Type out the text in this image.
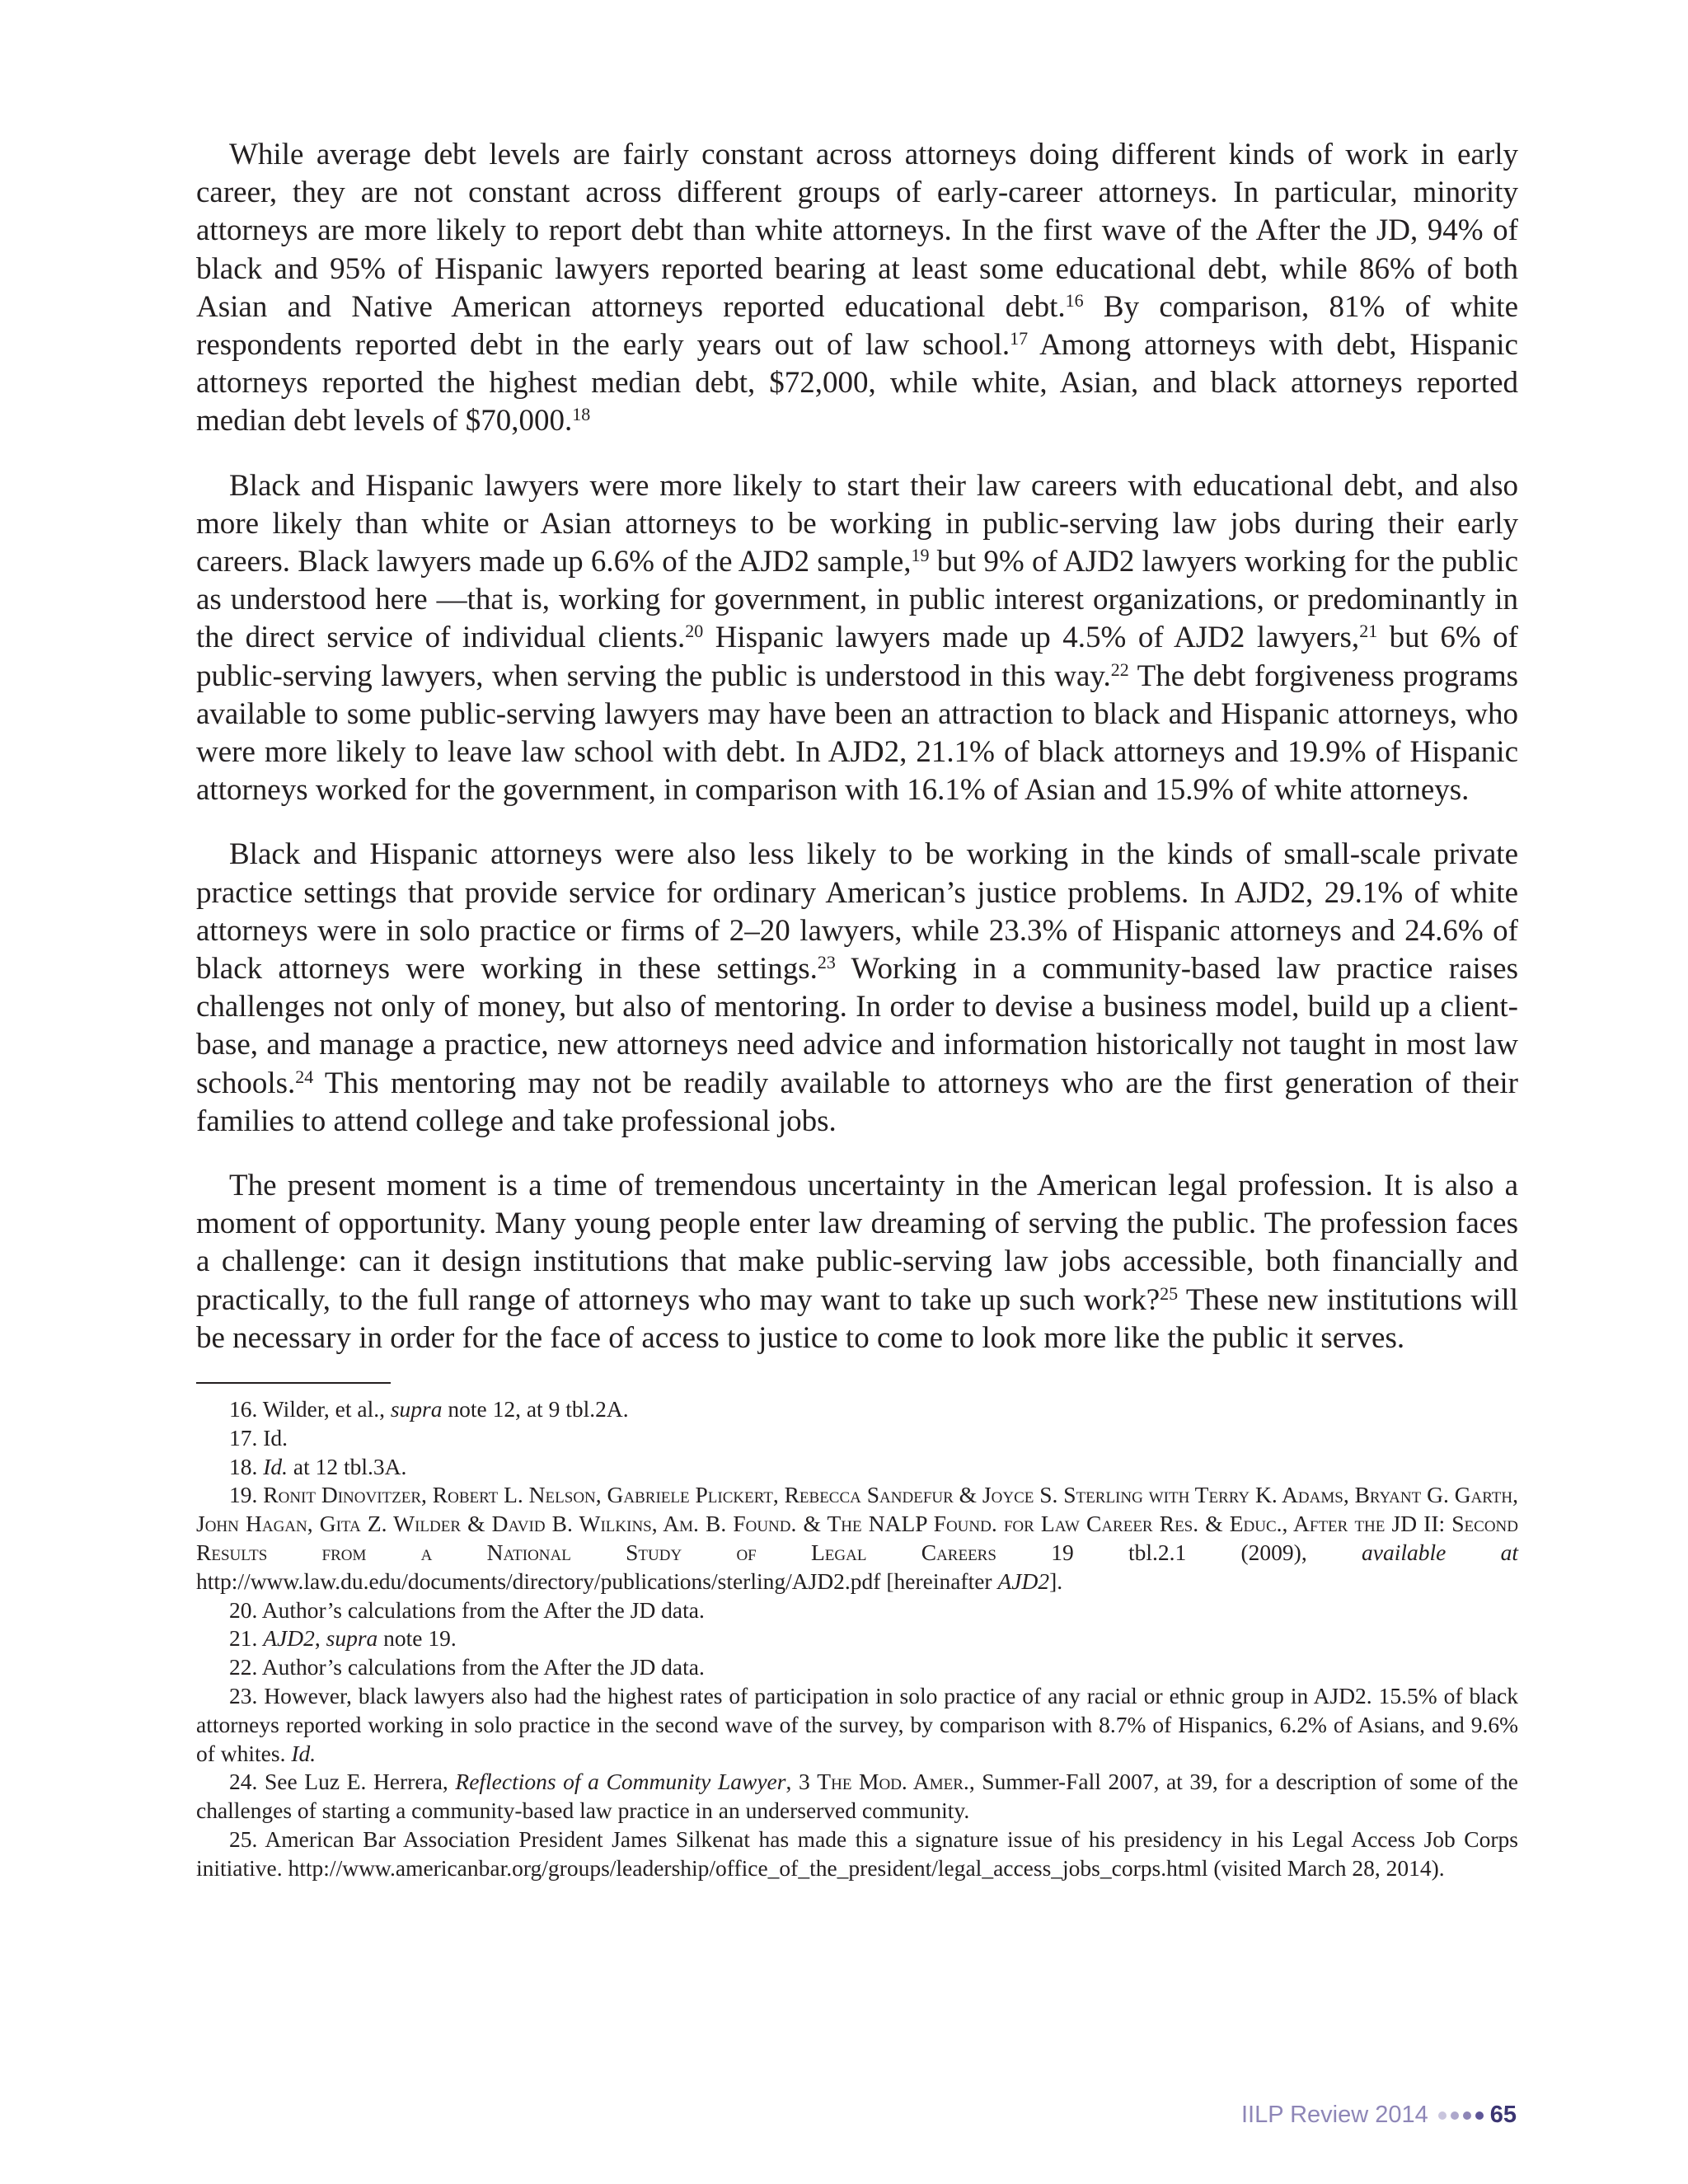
While average debt levels are fairly constant across attorneys doing different kinds of work in early career, they are not constant across different groups of early-career attorneys. In particular, minority attorneys are more likely to report debt than white attorneys. In the first wave of the After the JD, 94% of black and 95% of Hispanic lawyers reported bearing at least some educational debt, while 86% of both Asian and Native American attorneys reported educational debt.$^{16}$ By comparison, 81% of white respondents reported debt in the early years out of law school.$^{17}$ Among attorneys with debt, Hispanic attorneys reported the highest median debt, $72,000, while white, Asian, and black attorneys reported median debt levels of $70,000.18

Black and Hispanic lawyers were more likely to start their law careers with educational debt, and also more likely than white or Asian attorneys to be working in public-serving law jobs during their early careers. Black lawyers made up 6.6% of the AJD2 sample,$^{19}$ but 9% of AJD2 lawyers working for the public as understood here —that is, working for government, in public interest organizations, or predominantly in the direct service of individual clients.$^{20}$ Hispanic lawyers made up 4.5% of AJD2 lawyers,$^{21}$ but 6% of public-serving lawyers, when serving the public is understood in this way.$^{22}$ The debt forgiveness programs available to some public-serving lawyers may have been an attraction to black and Hispanic attorneys, who were more likely to leave law school with debt. In AJD2, 21.1% of black attorneys and 19.9% of Hispanic attorneys worked for the government, in comparison with 16.1% of Asian and 15.9% of white attorneys.

Black and Hispanic attorneys were also less likely to be working in the kinds of small-scale private practice settings that provide service for ordinary American’s justice problems. In AJD2, 29.1% of white attorneys were in solo practice or firms of 2–20 lawyers, while 23.3% of Hispanic attorneys and 24.6% of black attorneys were working in these settings.$^{23}$ Working in a community-based law practice raises challenges not only of money, but also of mentoring. In order to devise a business model, build up a client-base, and manage a practice, new attorneys need advice and information historically not taught in most law schools.$^{24}$ This mentoring may not be readily available to attorneys who are the first generation of their families to attend college and take professional jobs.

The present moment is a time of tremendous uncertainty in the American legal profession. It is also a moment of opportunity. Many young people enter law dreaming of serving the public. The profession faces a challenge: can it design institutions that make public-serving law jobs accessible, both financially and practically, to the full range of attorneys who may want to take up such work?$^{25}$ These new institutions will be necessary in order for the face of access to justice to come to look more like the public it serves.

16. Wilder, et al., supra note 12, at 9 tbl.2A.

17. Id.

18. Id. at 12 tbl.3A.

19. Ronit Dinovitzer, Robert L. Nelson, Gabriele Plickert, Rebecca Sandefur & Joyce S. Sterling with Terry K. Adams, Bryant G. Garth, John Hagan, Gita Z. Wilder & David B. Wilkins, Am. B. Found. & The NALP Found. for Law Career Res. & Educ., After the JD II: Second Results from a National Study of Legal Careers 19 tbl.2.1 (2009), available at http://www.law.du.edu/documents/directory/publications/sterling/AJD2.pdf [hereinafter AJD2].

20. Author’s calculations from the After the JD data.

21. AJD2, supra note 19.

22. Author’s calculations from the After the JD data.

23. However, black lawyers also had the highest rates of participation in solo practice of any racial or ethnic group in AJD2. 15.5% of black attorneys reported working in solo practice in the second wave of the survey, by comparison with 8.7% of Hispanics, 6.2% of Asians, and 9.6% of whites. Id.

24. See Luz E. Herrera, Reflections of a Community Lawyer, 3 The Mod. Amer., Summer-Fall 2007, at 39, for a description of some of the challenges of starting a community-based law practice in an underserved community.

25. American Bar Association President James Silkenat has made this a signature issue of his presidency in his Legal Access Job Corps initiative. http://www.americanbar.org/groups/leadership/office_of_the_president/legal_access_jobs_corps.html (visited March 28, 2014).

IILP Review 2014	65
